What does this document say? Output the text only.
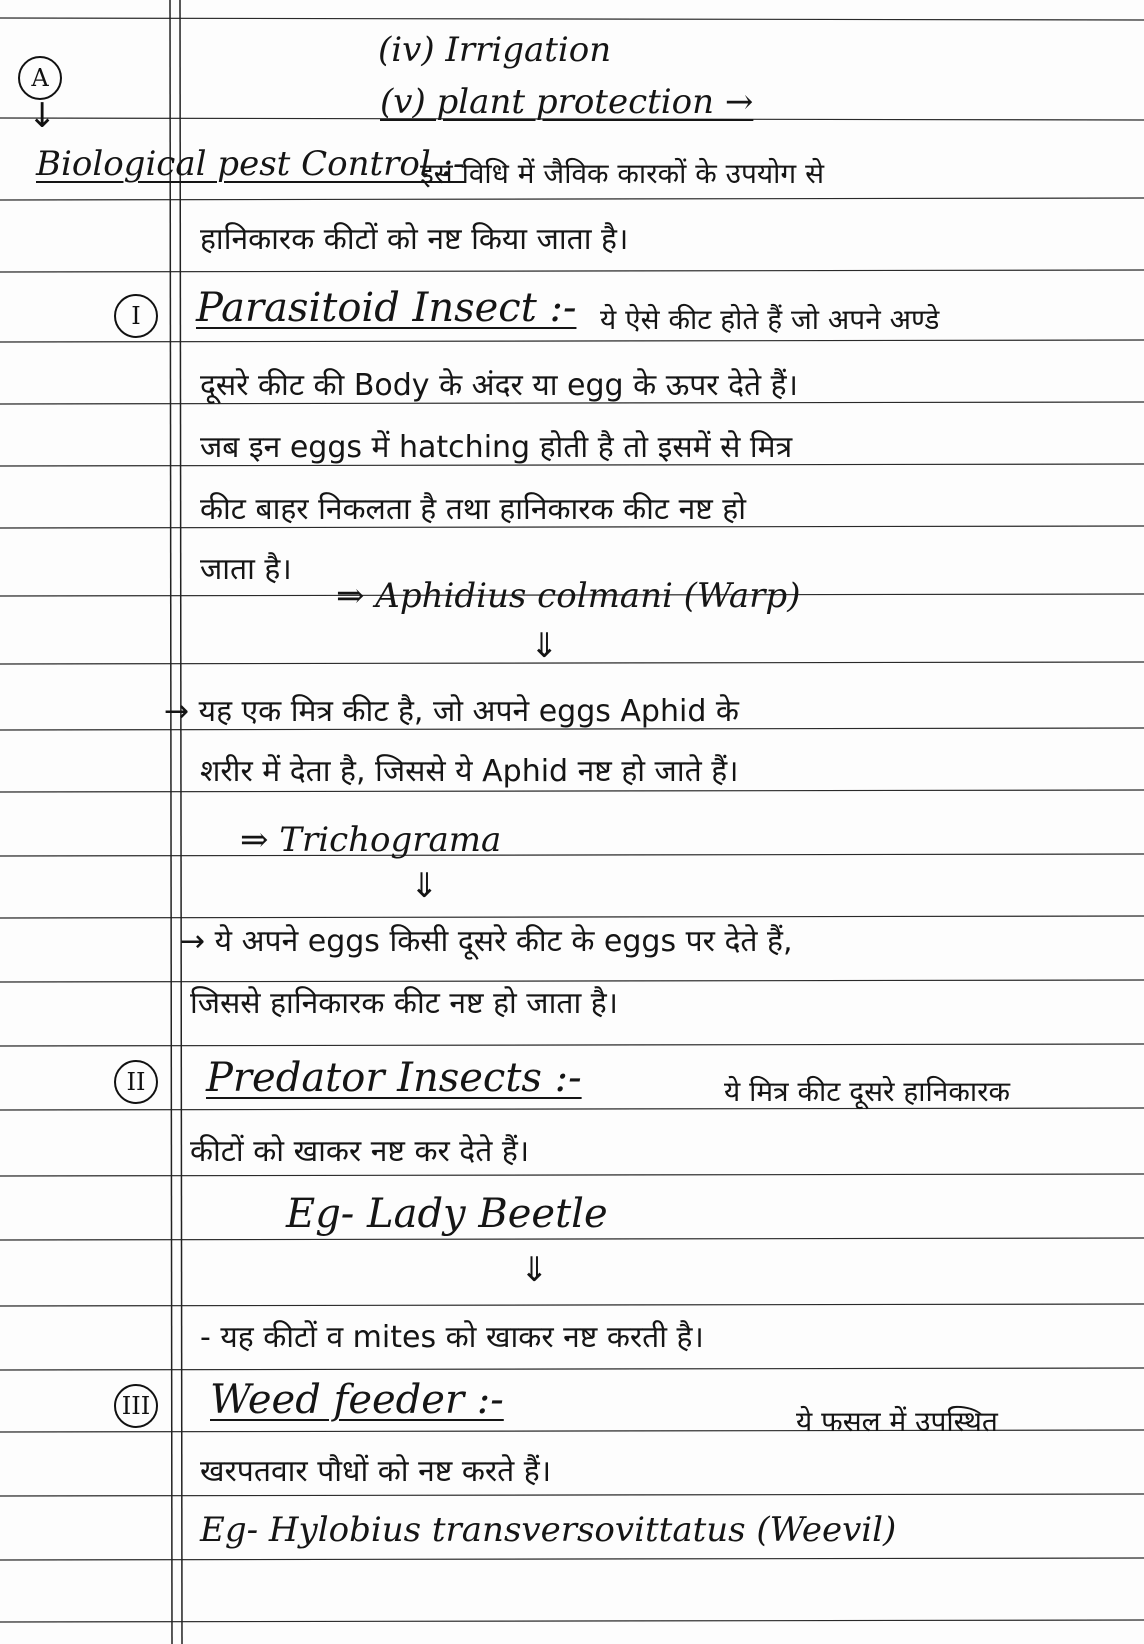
(iv) Irrigation
A
↓	(v) plant protection →
Biological pest Control :-
इस विधि में जैविक कारकों के उपयोग से
हानिकारक कीटों को नष्ट किया जाता है।
I	Parasitoid Insect :- ये ऐसे कीट होते हैं जो अपने अण्डे
दूसरे कीट की Body के अंदर या egg के ऊपर देते हैं।
जब इन eggs में hatching होती है तो इसमें से मित्र
कीट बाहर निकलता है तथा हानिकारक कीट नष्ट हो
जाता है।
⇒ Aphidius colmani (Warp)
⇓
→ यह एक मित्र कीट है, जो अपने eggs Aphid के
शरीर में देता है, जिससे ये Aphid नष्ट हो जाते हैं।
⇒ Trichograma
⇓
→ ये अपने eggs किसी दूसरे कीट के eggs पर देते हैं,
जिससे हानिकारक कीट नष्ट हो जाता है।
II	Predator Insects :-	ये मित्र कीट दूसरे हानिकारक
कीटों को खाकर नष्ट कर देते हैं।
Eg- Lady Beetle
⇓
- यह कीटों व mites को खाकर नष्ट करती है।
III Weed feeder :-	ये फसल में उपस्थित
खरपतवार पौधों को नष्ट करते हैं।
Eg- Hylobius transversovittatus (Weevil)
